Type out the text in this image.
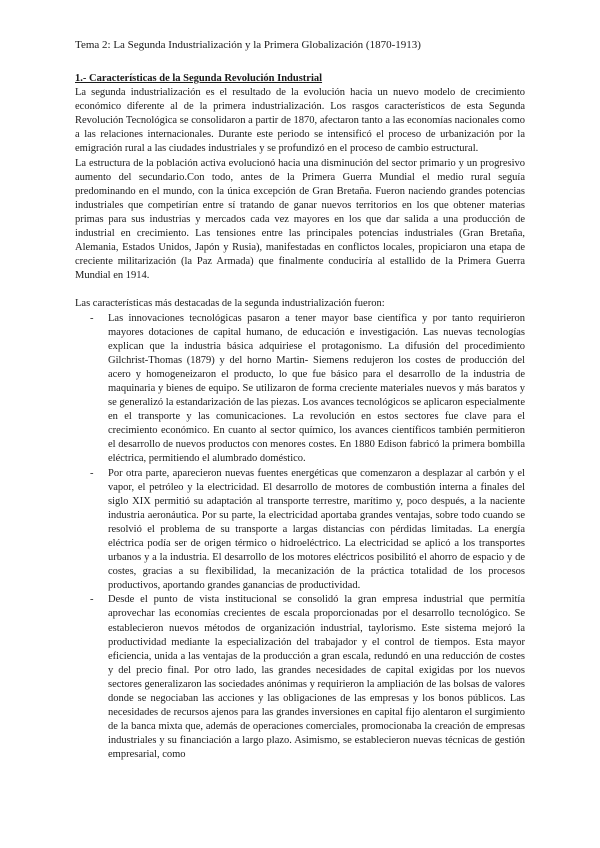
Tema 2: La Segunda Industrialización y la Primera Globalización (1870-1913)
1.- Características de la Segunda Revolución Industrial

La segunda industrialización es el resultado de la evolución hacia un nuevo modelo de crecimiento económico diferente al de la primera industrialización. Los rasgos característicos de esta Segunda Revolución Tecnológica se consolidaron a partir de 1870, afectaron tanto a las economías nacionales como a las relaciones internacionales. Durante este periodo se intensificó el proceso de urbanización por la emigración rural a las ciudades industriales y se profundizó en el proceso de cambio estructural.

La estructura de la población activa evolucionó hacia una disminución del sector primario y un progresivo aumento del secundario.Con todo, antes de la Primera Guerra Mundial el medio rural seguía predominando en el mundo, con la única excepción de Gran Bretaña. Fueron naciendo grandes potencias industriales que competirían entre sí tratando de ganar nuevos territorios en los que obtener materias primas para sus industrias y mercados cada vez mayores en los que dar salida a una producción de industrial en crecimiento. Las tensiones entre las principales potencias industriales (Gran Bretaña, Alemania, Estados Unidos, Japón y Rusia), manifestadas en conflictos locales, propiciaron una etapa de creciente militarización (la Paz Armada) que finalmente conduciría al estallido de la Primera Guerra Mundial en 1914.

Las características más destacadas de la segunda industrialización fueron:

- Las innovaciones tecnológicas pasaron a tener mayor base científica y por tanto requirieron mayores dotaciones de capital humano, de educación e investigación. Las nuevas tecnologías explican que la industria básica adquiriese el protagonismo. La difusión del procedimiento Gilchrist-Thomas (1879) y del horno Martin- Siemens redujeron los costes de producción del acero y homogeneizaron el producto, lo que fue básico para el desarrollo de la industria de maquinaria y bienes de equipo. Se utilizaron de forma creciente materiales nuevos y más baratos y se generalizó la estandarización de las piezas. Los avances tecnológicos se aplicaron especialmente en el transporte y las comunicaciones. La revolución en estos sectores fue clave para el crecimiento económico. En cuanto al sector químico, los avances científicos también permitieron el desarrollo de nuevos productos con menores costes. En 1880 Edison fabricó la primera bombilla eléctrica, permitiendo el alumbrado doméstico.
- Por otra parte, aparecieron nuevas fuentes energéticas que comenzaron a desplazar al carbón y el vapor, el petróleo y la electricidad. El desarrollo de motores de combustión interna a finales del siglo XIX permitió su adaptación al transporte terrestre, marítimo y, poco después, a la naciente industria aeronáutica. Por su parte, la electricidad aportaba grandes ventajas, sobre todo cuando se resolvió el problema de su transporte a largas distancias con pérdidas limitadas. La energía eléctrica podía ser de origen térmico o hidroeléctrico. La electricidad se aplicó a los transportes urbanos y a la industria. El desarrollo de los motores eléctricos posibilitó el ahorro de espacio y de costes, gracias a su flexibilidad, la mecanización de la práctica totalidad de los procesos productivos, aportando grandes ganancias de productividad.
- Desde el punto de vista institucional se consolidó la gran empresa industrial que permitía aprovechar las economías crecientes de escala proporcionadas por el desarrollo tecnológico. Se establecieron nuevos métodos de organización industrial, taylorismo. Este sistema mejoró la productividad mediante la especialización del trabajador y el control de tiempos. Esta mayor eficiencia, unida a las ventajas de la producción a gran escala, redundó en una reducción de costes y del precio final. Por otro lado, las grandes necesidades de capital exigidas por los nuevos sectores generalizaron las sociedades anónimas y requirieron la ampliación de las bolsas de valores donde se negociaban las acciones y las obligaciones de las empresas y los bonos públicos. Las necesidades de recursos ajenos para las grandes inversiones en capital fijo alentaron el surgimiento de la banca mixta que, además de operaciones comerciales, promocionaba la creación de empresas industriales y su financiación a largo plazo. Asimismo, se establecieron nuevas técnicas de gestión empresarial, como
